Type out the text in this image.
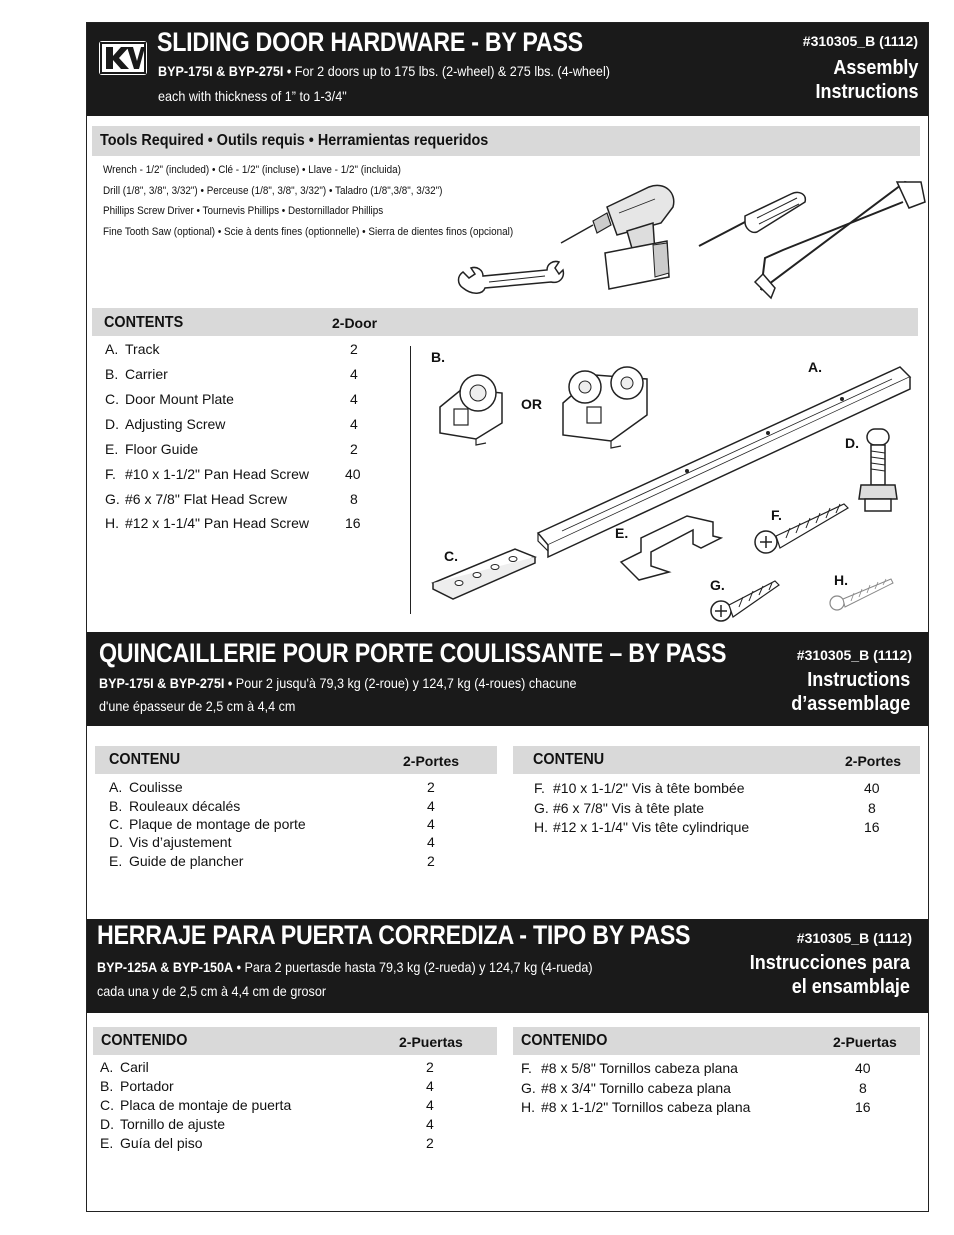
SLIDING DOOR HARDWARE - BY PASS
BYP-175I & BYP-275I • For 2 doors up to 175 lbs. (2-wheel) & 275 lbs. (4-wheel)
each with thickness of 1” to 1-3/4"
#310305_B (1112)
Assembly
Instructions
Tools Required • Outils requis • Herramientas requeridos
Wrench - 1/2" (included) • Clé - 1/2" (incluse) • Llave - 1/2" (incluida)
Drill (1/8", 3/8", 3/32") • Perceuse (1/8", 3/8", 3/32") • Taladro (1/8",3/8", 3/32")
Phillips Screw Driver • Tournevis Phillips • Destornillador Phillips
Fine Tooth Saw (optional) • Scie à dents fines (optionnelle) • Sierra de dientes finos (opcional)
CONTENTS	2-Door
A. Track	2
B. Carrier	4
C. Door Mount Plate	4
D. Adjusting Screw	4
E. Floor Guide	2
F. #10 x 1-1/2" Pan Head Screw	40
G. #6 x 7/8" Flat Head Screw	8
H. #12 x 1-1/4" Pan Head Screw	16
B.
OR
A.
D.
F.
E.
C.
G.	H.
QUINCAILLERIE POUR PORTE COULISSANTE – BY PASS
BYP-175I & BYP-275I • Pour 2 jusqu'à 79,3 kg (2-roue) y 124,7 kg (4-roues) chacune
d'une épasseur de 2,5 cm à 4,4 cm
#310305_B (1112)
Instructions
d’assemblage
CONTENU	2-Portes	CONTENU	2-Portes
A. Coulisse	2
B. Rouleaux décalés	4
C. Plaque de montage de porte	4
D. Vis d’ajustement	4
E. Guide de plancher	2
F. #10 x 1-1/2" Vis à tête bombée	40
G. #6 x 7/8" Vis à tête plate	8
H. #12 x 1-1/4" Vis tête cylindrique	16
HERRAJE PARA PUERTA CORREDIZA - TIPO BY PASS
BYP-125A & BYP-150A • Para 2 puertasde hasta 79,3 kg (2-rueda) y 124,7 kg (4-rueda)
cada una y de 2,5 cm à 4,4 cm de grosor
#310305_B (1112)
Instrucciones para
el ensamblaje
CONTENIDO	2-Puertas	CONTENIDO	2-Puertas
A. Caril	2
B. Portador	4
C. Placa de montaje de puerta	4
D. Tornillo de ajuste	4
E. Guía del piso	2
F. #8 x 5/8" Tornillos cabeza plana	40
G. #8 x 3/4" Tornillo cabeza plana	8
H. #8 x 1-1/2" Tornillos cabeza plana	16
